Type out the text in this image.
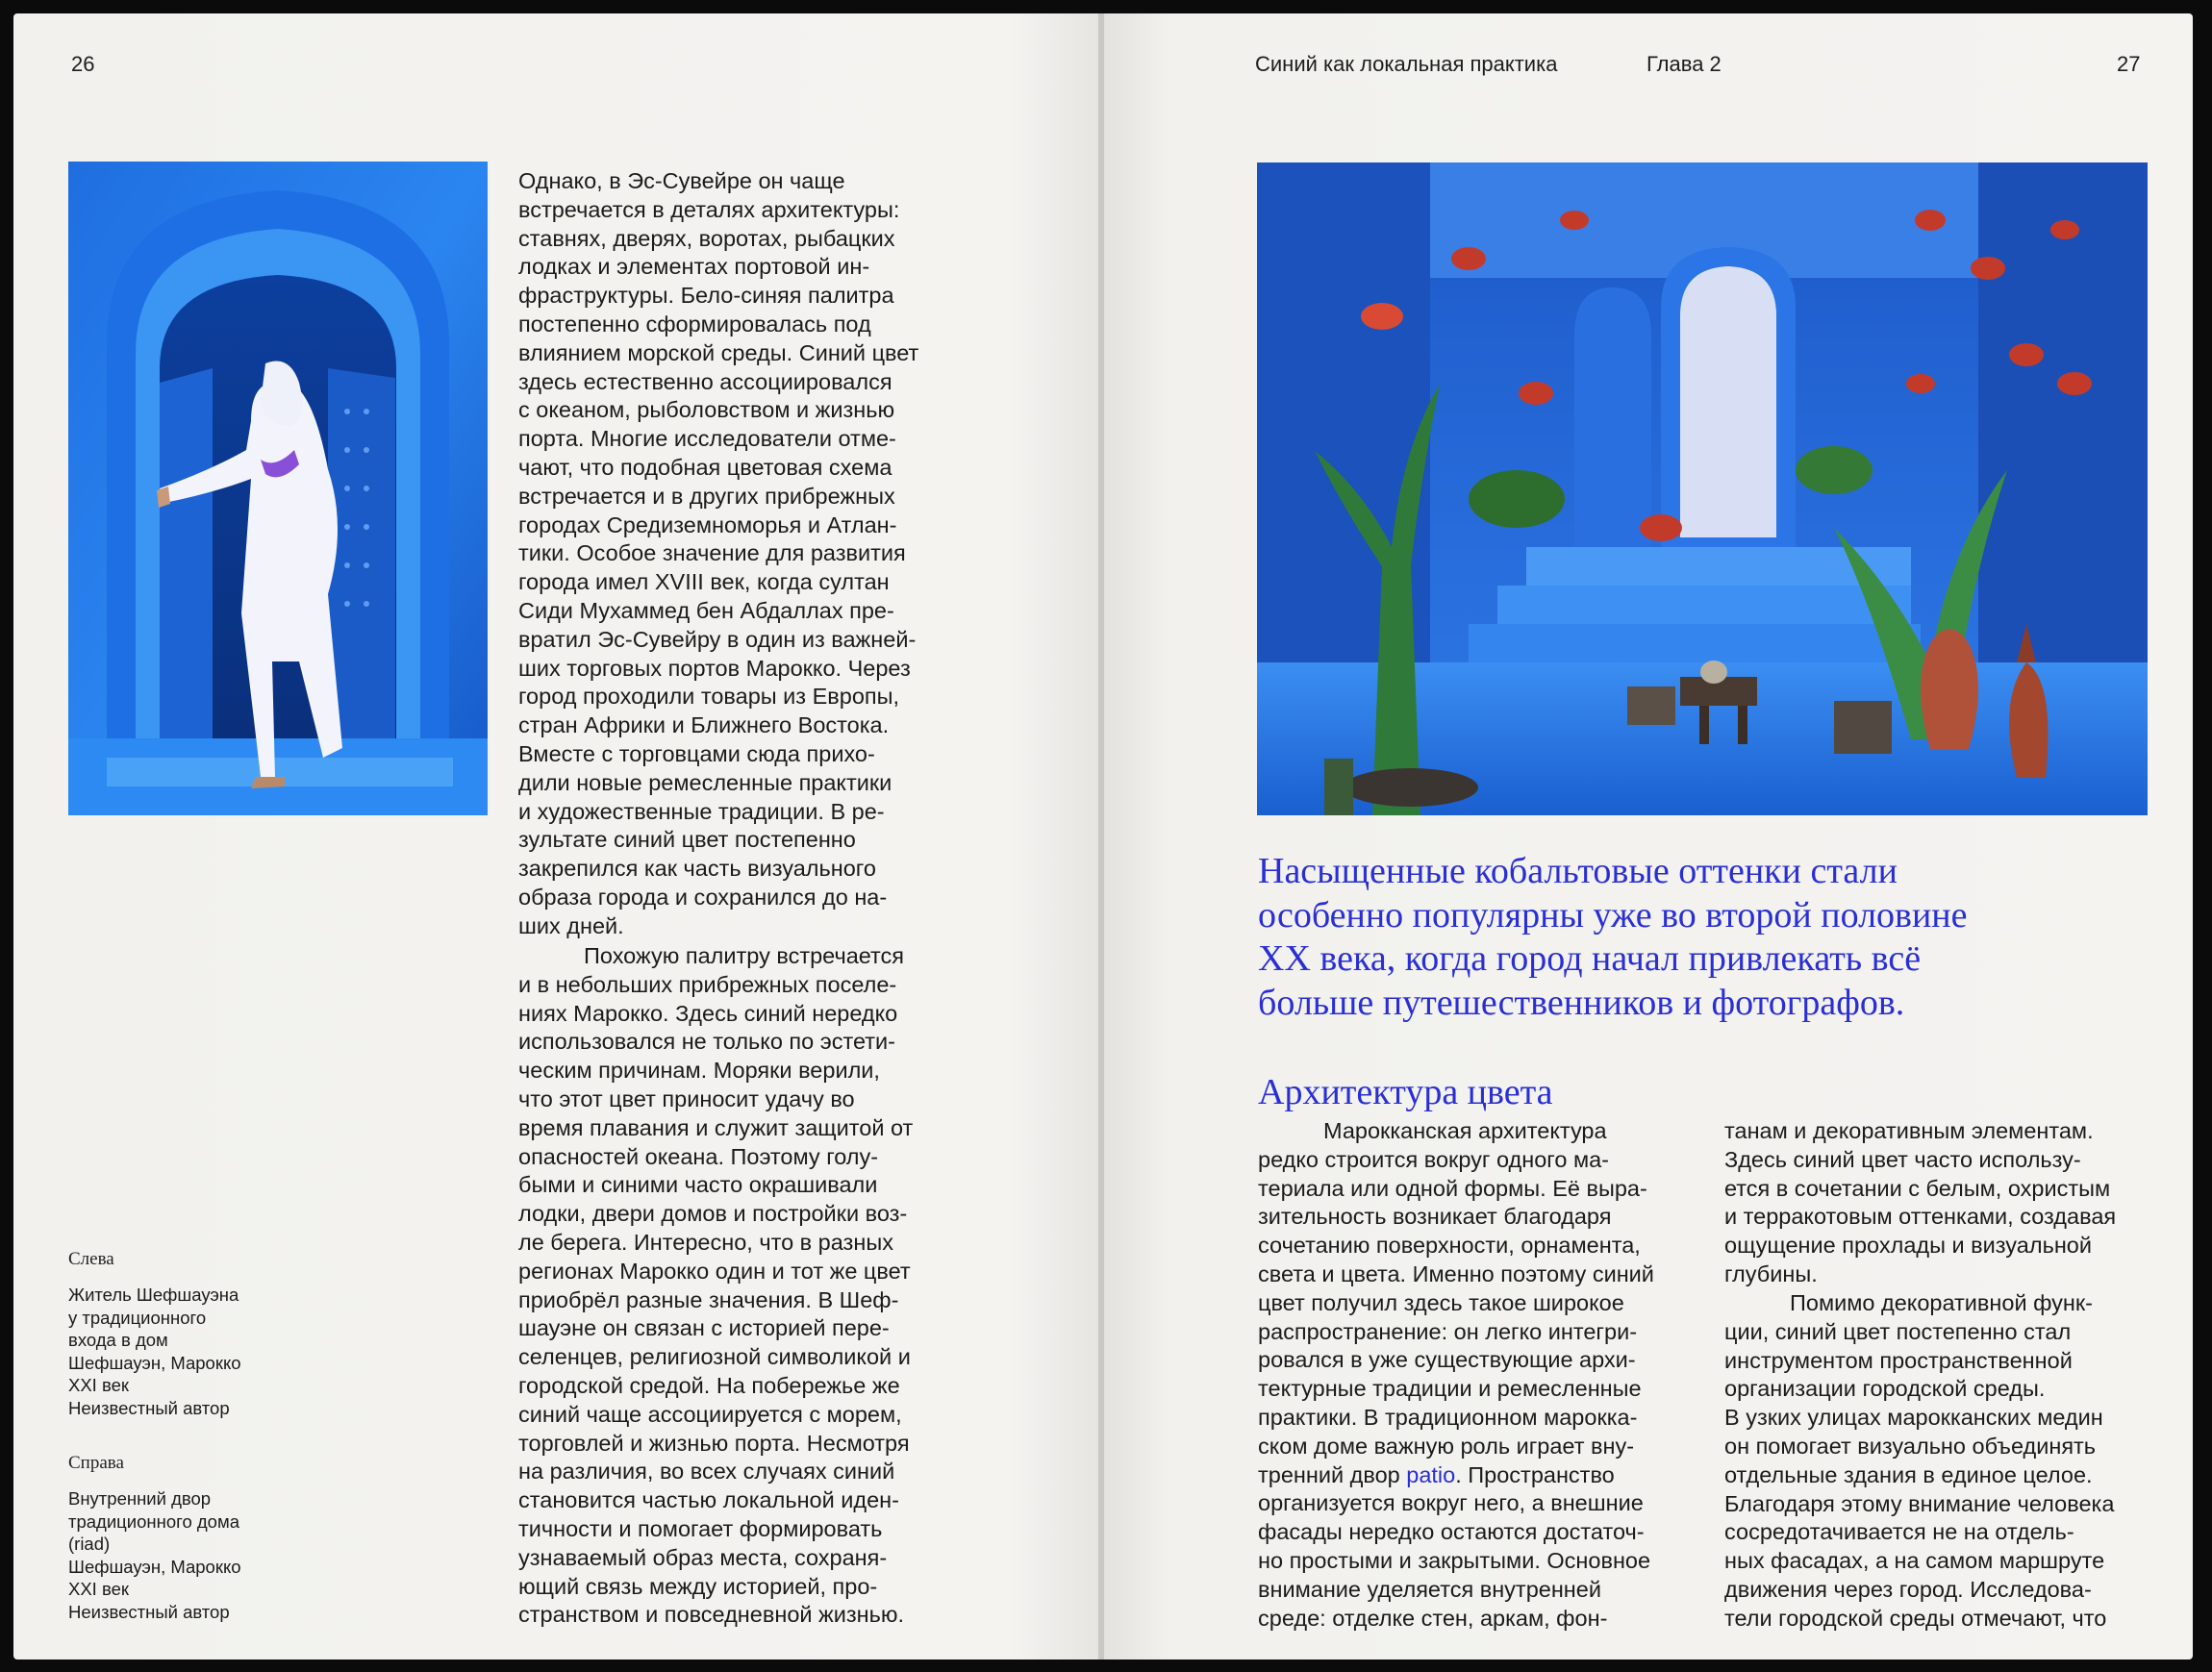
26
Однако, в Эс-Сувейре он чаще
встречается в деталях архитектуры:
ставнях, дверях, воротах, рыбацких
лодках и элементах портовой ин-
фраструктуры. Бело-синяя палитра
постепенно сформировалась под
влиянием морской среды. Синий цвет
здесь естественно ассоциировался
с океаном, рыболовством и жизнью
порта. Многие исследователи отме-
чают, что подобная цветовая схема
встречается и в других прибрежных
городах Средиземноморья и Атлан-
тики. Особое значение для развития
города имел XVIII век, когда султан
Сиди Мухаммед бен Абдаллах пре-
вратил Эс-Сувейру в один из важней-
ших торговых портов Марокко. Через
город проходили товары из Европы,
стран Африки и Ближнего Востока.
Вместе с торговцами сюда прихо-
дили новые ремесленные практики
и художественные традиции. В ре-
зультате синий цвет постепенно
закрепился как часть визуального
образа города и сохранился до на-
ших дней.
Похожую палитру встречается
и в небольших прибрежных поселе-
ниях Марокко. Здесь синий нередко
использовался не только по эстети-
ческим причинам. Моряки верили,
что этот цвет приносит удачу во
время плавания и служит защитой от
опасностей океана. Поэтому голу-
быми и синими часто окрашивали
лодки, двери домов и постройки воз-
ле берега. Интересно, что в разных
регионах Марокко один и тот же цвет
приобрёл разные значения. В Шеф-
шауэне он связан с историей пере-
селенцев, религиозной символикой и
городской средой. На побережье же
синий чаще ассоциируется с морем,
торговлей и жизнью порта. Несмотря
на различия, во всех случаях синий
становится частью локальной иден-
тичности и помогает формировать
узнаваемый образ места, сохраня-
ющий связь между историей, про-
странством и повседневной жизнью.
Слева
Житель Шефшауэна
у традиционного
входа в дом
Шефшауэн, Марокко
XXI век
Неизвестный автор
Справа
Внутренний двор
традиционного дома
(riad)
Шефшауэн, Марокко
XXI век
Неизвестный автор
Синий как локальная практика	Глава 2	27
Насыщенные кобальтовые оттенки стали
особенно популярны уже во второй половине
XX века, когда город начал привлекать всё
больше путешественников и фотографов.
Архитектура цвета
Марокканская архитектура
редко строится вокруг одного ма-
териала или одной формы. Её выра-
зительность возникает благодаря
сочетанию поверхности, орнамента,
света и цвета. Именно поэтому синий
цвет получил здесь такое широкое
распространение: он легко интегри-
ровался в уже существующие архи-
тектурные традиции и ремесленные
практики. В традиционном марокка-
ском доме важную роль играет вну-
тренний двор patio. Пространство
организуется вокруг него, а внешние
фасады нередко остаются достаточ-
но простыми и закрытыми. Основное
внимание уделяется внутренней
среде: отделке стен, аркам, фон-
танам и декоративным элементам.
Здесь синий цвет часто использу-
ется в сочетании с белым, охристым
и терракотовым оттенками, создавая
ощущение прохлады и визуальной
глубины.
Помимо декоративной функ-
ции, синий цвет постепенно стал
инструментом пространственной
организации городской среды.
В узких улицах марокканских медин
он помогает визуально объединять
отдельные здания в единое целое.
Благодаря этому внимание человека
сосредотачивается не на отдель-
ных фасадах, а на самом маршруте
движения через город. Исследова-
тели городской среды отмечают, что
